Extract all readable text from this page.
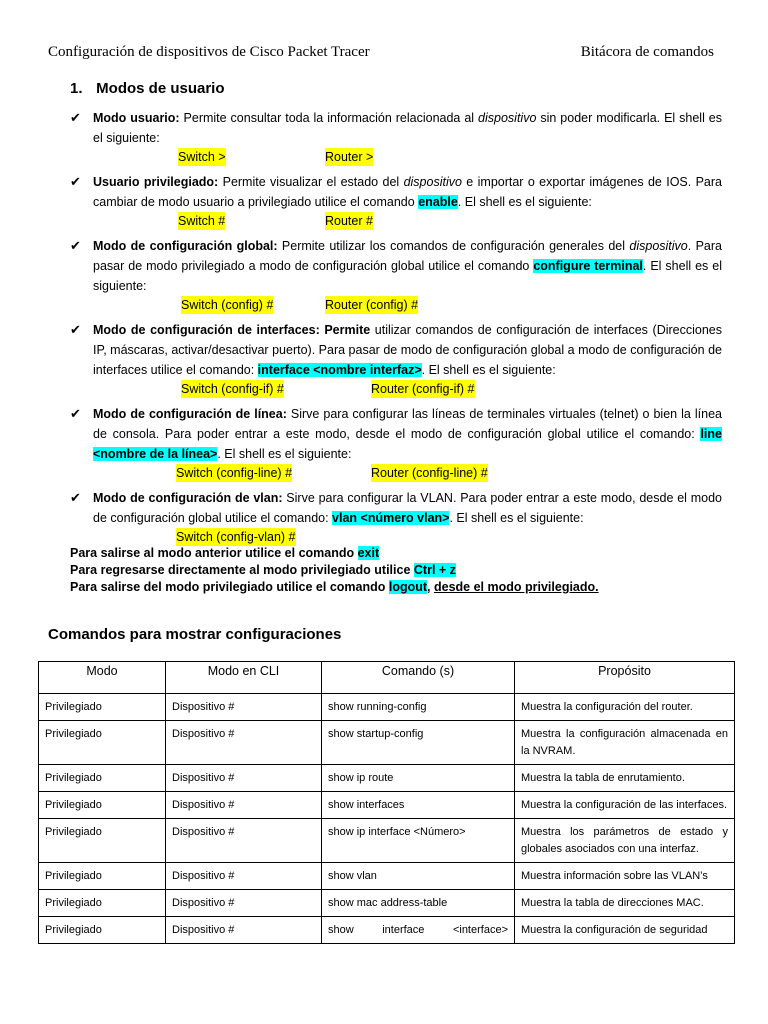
Configuración de dispositivos de Cisco Packet Tracer	Bitácora de comandos
1. Modos de usuario
✔ Modo usuario: Permite consultar toda la información relacionada al dispositivo sin poder modificarla. El shell es el siguiente:

Switch >	Router >
✔ Usuario privilegiado: Permite visualizar el estado del dispositivo e importar o exportar imágenes de IOS. Para cambiar de modo usuario a privilegiado utilice el comando enable. El shell es el siguiente:

Switch #	Router #
✔ Modo de configuración global: Permite utilizar los comandos de configuración generales del dispositivo. Para pasar de modo privilegiado a modo de configuración global utilice el comando configure terminal. El shell es el siguiente:

Switch (config) #	Router (config) #
✔ Modo de configuración de interfaces: Permite utilizar comandos de configuración de interfaces (Direcciones IP, máscaras, activar/desactivar puerto). Para pasar de modo de configuración global a modo de configuración de interfaces utilice el comando: interface <nombre interfaz>. El shell es el siguiente:

Switch (config-if) #	Router (config-if) #
✔ Modo de configuración de línea: Sirve para configurar las líneas de terminales virtuales (telnet) o bien la línea de consola. Para poder entrar a este modo, desde el modo de configuración global utilice el comando: line <nombre de la línea>. El shell es el siguiente:

Switch (config-line) #	Router (config-line) #
✔ Modo de configuración de vlan: Sirve para configurar la VLAN. Para poder entrar a este modo, desde el modo de configuración global utilice el comando: vlan <número vlan>. El shell es el siguiente:

Switch (config-vlan) #
Para salirse al modo anterior utilice el comando exit
Para regresarse directamente al modo privilegiado utilice Ctrl + z
Para salirse del modo privilegiado utilice el comando logout, desde el modo privilegiado.
Comandos para mostrar configuraciones
Modo	Modo en CLI	Comando (s)	Propósito
Privilegiado	Dispositivo #	show running-config	Muestra la configuración del router.
Privilegiado	Dispositivo #	show startup-config	Muestra la configuración almacenada en la NVRAM.
Privilegiado	Dispositivo #	show ip route	Muestra la tabla de enrutamiento.
Privilegiado	Dispositivo #	show interfaces	Muestra la configuración de las interfaces.
Privilegiado	Dispositivo #	show ip interface <Número>	Muestra los parámetros de estado y globales asociados con una interfaz.
Privilegiado	Dispositivo #	show vlan	Muestra información sobre las VLAN’s
Privilegiado	Dispositivo #	show mac address-table	Muestra la tabla de direcciones MAC.
Privilegiado	Dispositivo #	show interface <interface>	Muestra la configuración de seguridad
